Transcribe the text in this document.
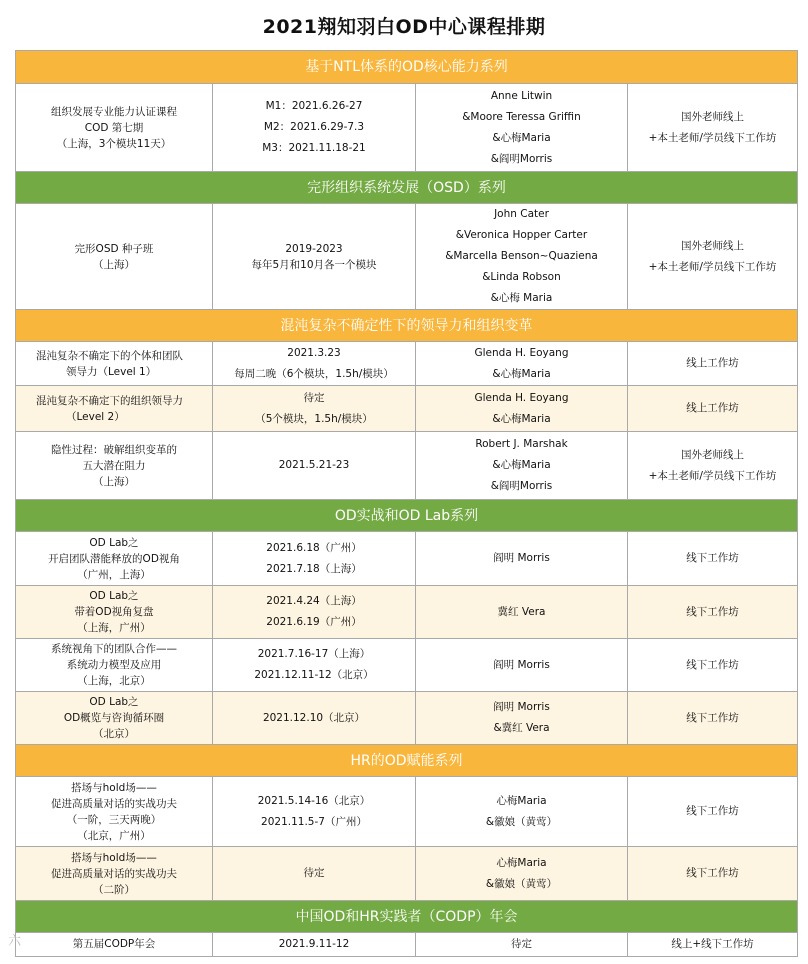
2021翔知羽白OD中心课程排期
基于NTL体系的OD核心能力系列			

组织发展专业能力认证课程
COD 第七期
（上海，3个模块11天）	M1：2021.6.26-27
M2：2021.6.29-7.3
M3：2021.11.18-21	Anne Litwin
&Moore Teressa Griffin
&心梅Maria
&阎明Morris	国外老师线上
+本土老师/学员线下工作坊

完形组织系统发展（OSD）系列			

完形OSD 种子班
（上海）	2019-2023
每年5月和10月各一个模块	John Cater
&Veronica Hopper Carter
&Marcella Benson~Quaziena
&Linda Robson
&心梅 Maria	国外老师线上
+本土老师/学员线下工作坊

混沌复杂不确定性下的领导力和组织变革			

混沌复杂不确定下的个体和团队
领导力（Level 1）	2021.3.23
每周二晚（6个模块，1.5h/模块）	Glenda H. Eoyang
&心梅Maria	线上工作坊

混沌复杂不确定下的组织领导力
（Level 2）	待定
（5个模块，1.5h/模块）	Glenda H. Eoyang
&心梅Maria	线上工作坊

隐性过程：破解组织变革的
五大潜在阻力
（上海）	2021.5.21-23	Robert J. Marshak
&心梅Maria
&阎明Morris	国外老师线上
+本土老师/学员线下工作坊

OD实战和OD Lab系列			

OD Lab之
开启团队潜能释放的OD视角
（广州，上海）	2021.6.18（广州）
2021.7.18（上海）	阎明 Morris	线下工作坊

OD Lab之
带着OD视角复盘
（上海，广州）	2021.4.24（上海）
2021.6.19（广州）	冀红 Vera	线下工作坊

系统视角下的团队合作——
系统动力模型及应用
（上海，北京）	2021.7.16-17（上海）
2021.12.11-12（北京）	阎明 Morris	线下工作坊

OD Lab之
OD概览与咨询循环圈
（北京）	2021.12.10（北京）	阎明 Morris
&冀红 Vera	线下工作坊

HR的OD赋能系列			

搭场与hold场——
促进高质量对话的实战功夫
（一阶，三天两晚）
（北京，广州）	2021.5.14-16（北京）
2021.11.5-7（广州）	心梅Maria
&徽娘（黄莺）	线下工作坊

搭场与hold场——
促进高质量对话的实战功夫
（二阶）	待定	心梅Maria
&徽娘（黄莺）	线下工作坊

中国OD和HR实践者（CODP）年会			

第五届CODP年会	2021.9.11-12	待定	线上+线下工作坊
六
